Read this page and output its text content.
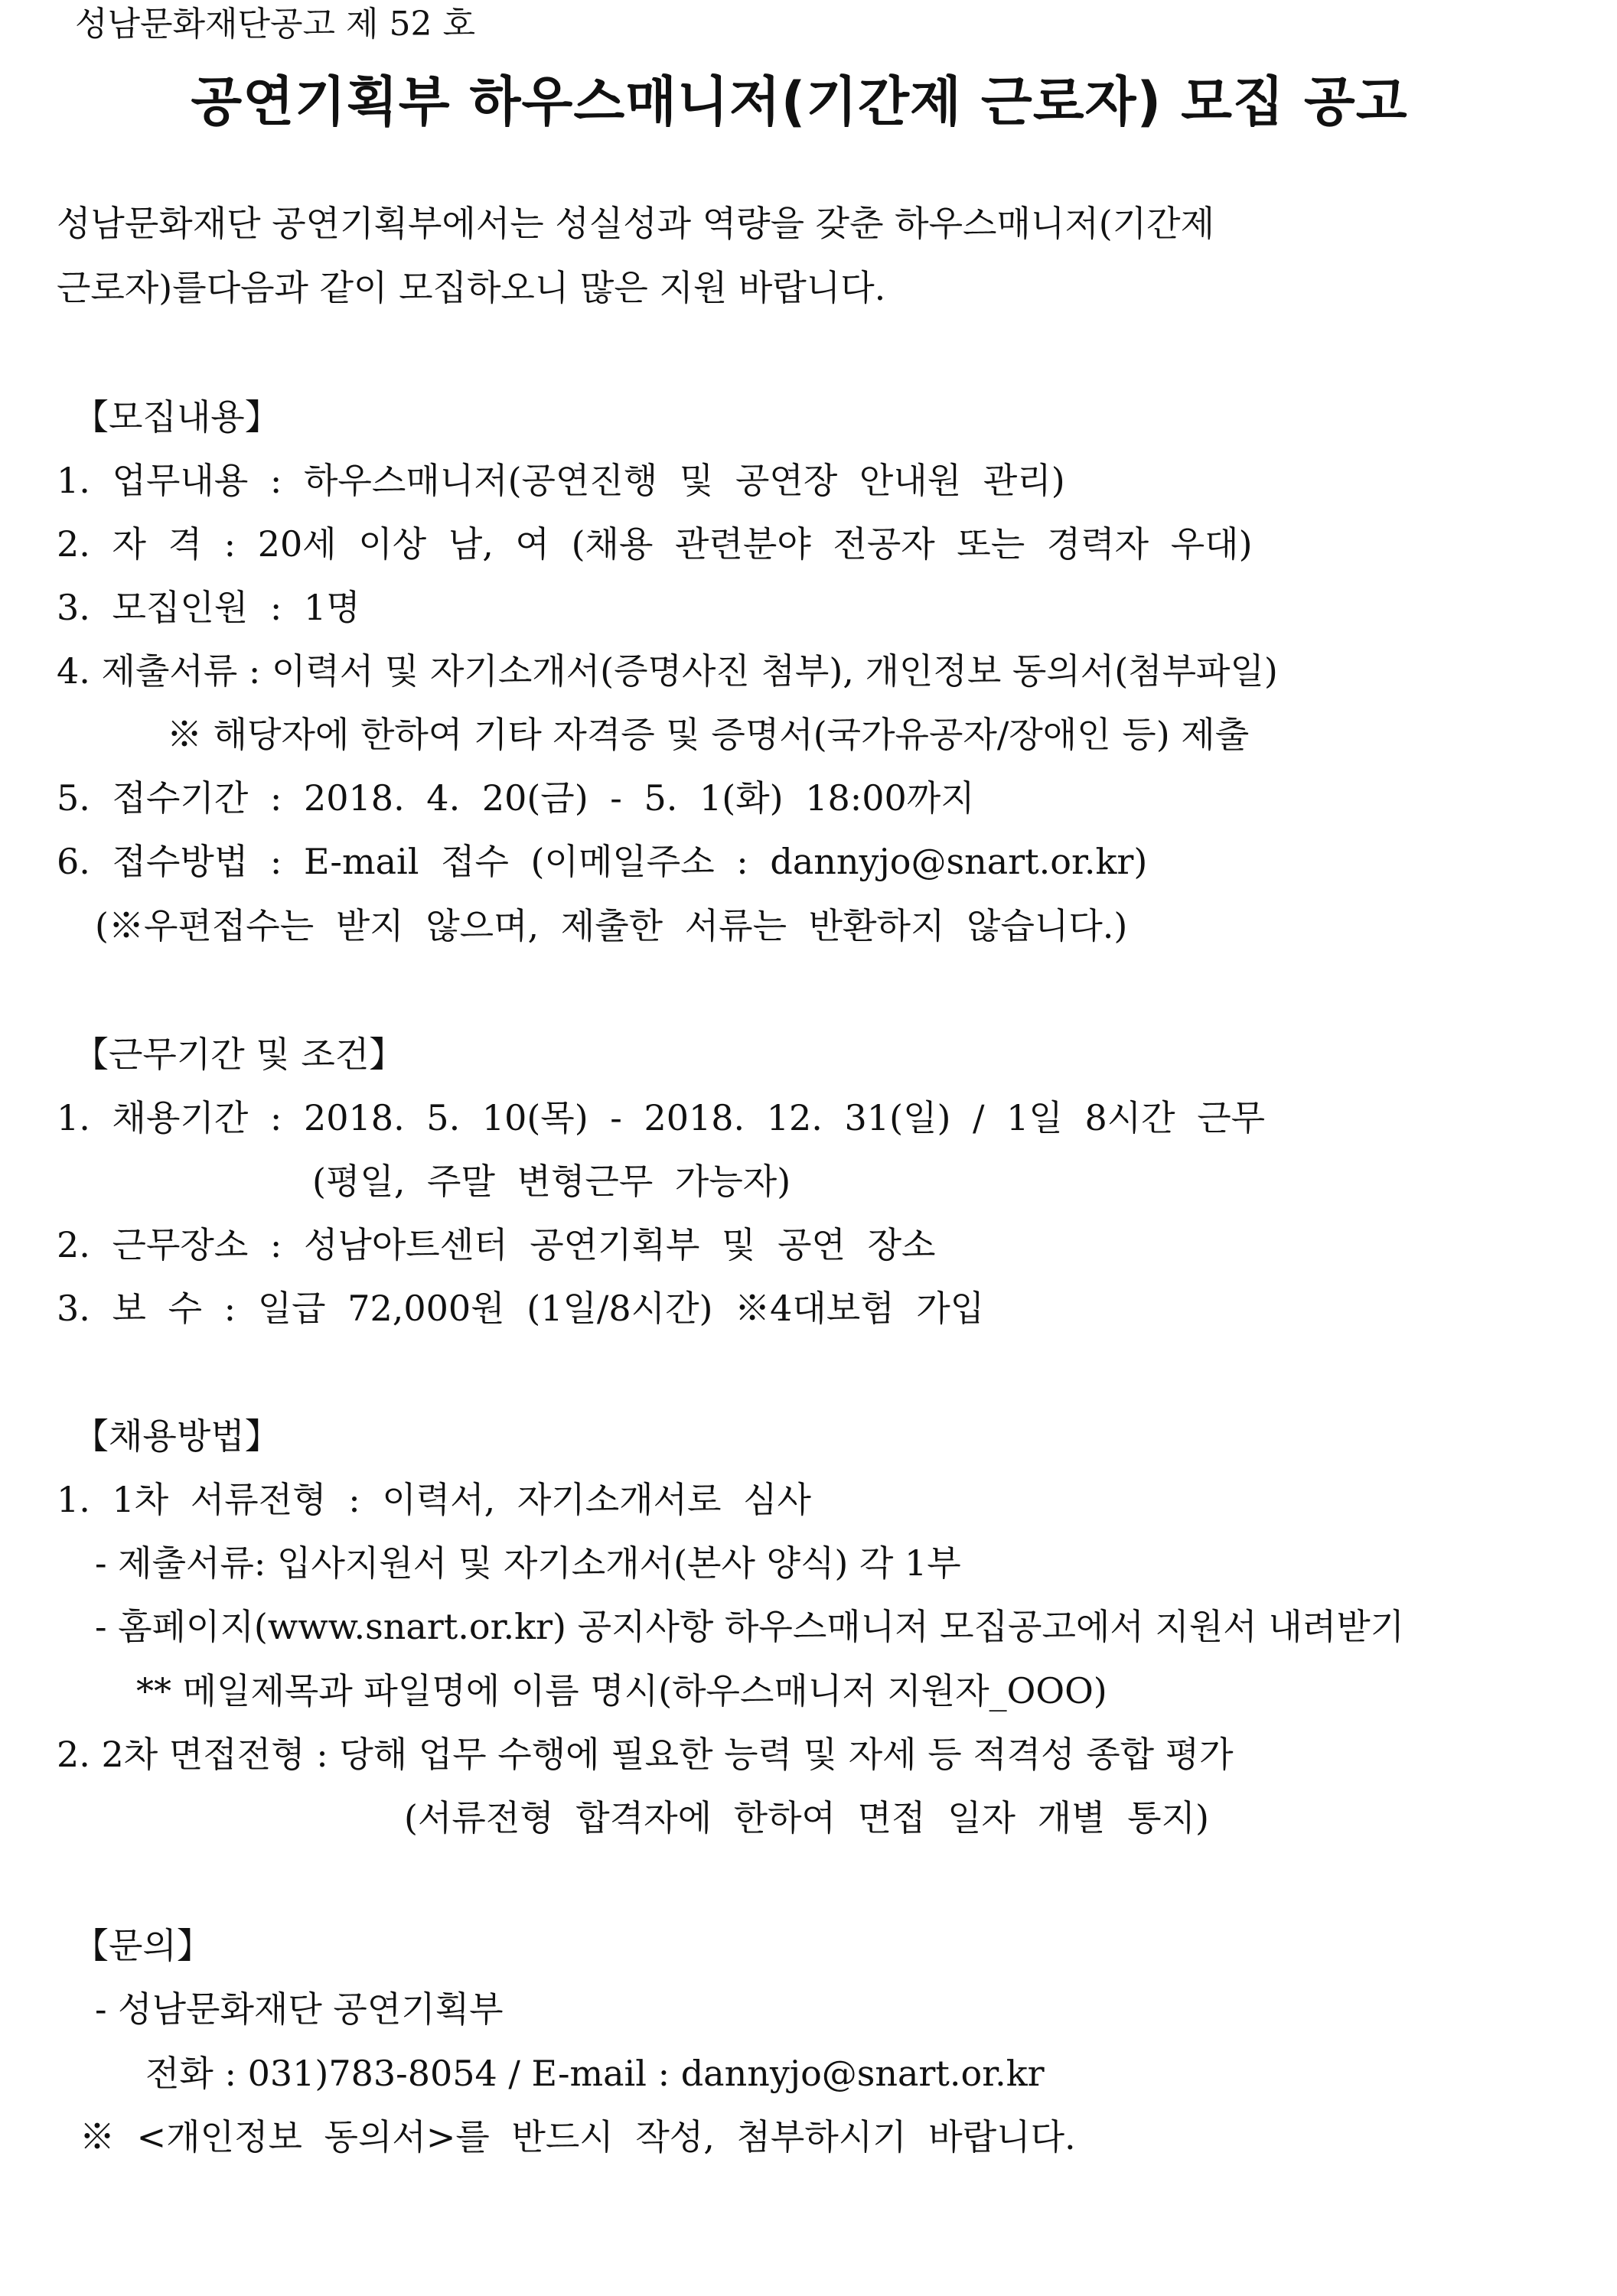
성남문화재단공고 제 52 호
공연기획부 하우스매니저(기간제 근로자) 모집 공고
성남문화재단 공연기획부에서는 성실성과 역량을 갖춘 하우스매니저(기간제
근로자)를다음과 같이 모집하오니 많은 지원 바랍니다.
【모집내용】
1. 업무내용 : 하우스매니저(공연진행 및 공연장 안내원 관리)
2. 자 격 : 20세 이상 남, 여 (채용 관련분야 전공자 또는 경력자 우대)
3. 모집인원 : 1명
4. 제출서류 : 이력서 및 자기소개서(증명사진 첨부), 개인정보 동의서(첨부파일)
※ 해당자에 한하여 기타 자격증 및 증명서(국가유공자/장애인 등) 제출
5. 접수기간 : 2018. 4. 20(금) - 5. 1(화) 18:00까지
6. 접수방법 : E-mail 접수 (이메일주소 : dannyjo@snart.or.kr)
(※우편접수는 받지 않으며, 제출한 서류는 반환하지 않습니다.)
【근무기간 및 조건】
1. 채용기간 : 2018. 5. 10(목) - 2018. 12. 31(일) / 1일 8시간 근무
(평일, 주말 변형근무 가능자)
2. 근무장소 : 성남아트센터 공연기획부 및 공연 장소
3. 보 수 : 일급 72,000원 (1일/8시간) ※4대보험 가입
【채용방법】
1. 1차 서류전형 : 이력서, 자기소개서로 심사
- 제출서류: 입사지원서 및 자기소개서(본사 양식) 각 1부
- 홈페이지(www.snart.or.kr) 공지사항 하우스매니저 모집공고에서 지원서 내려받기
** 메일제목과 파일명에 이름 명시(하우스매니저 지원자_OOO)
2. 2차 면접전형 : 당해 업무 수행에 필요한 능력 및 자세 등 적격성 종합 평가
(서류전형 합격자에 한하여 면접 일자 개별 통지)
【문의】
- 성남문화재단 공연기획부
전화 : 031)783-8054 / E-mail : dannyjo@snart.or.kr
※ <개인정보 동의서>를 반드시 작성, 첨부하시기 바랍니다.
